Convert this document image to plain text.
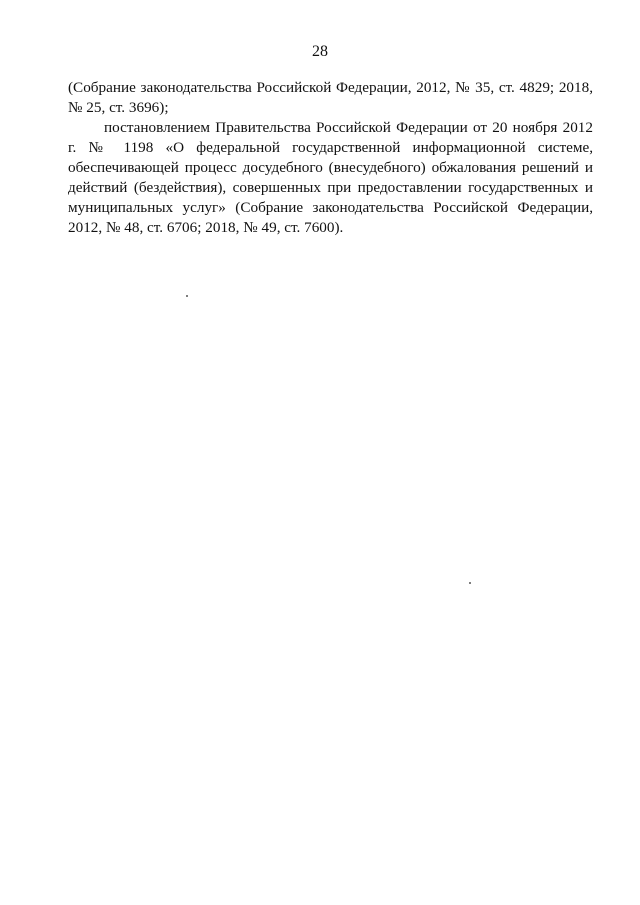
28

(Собрание законодательства Российской Федерации, 2012, № 35, ст. 4829; 2018, № 25, ст. 3696);

постановлением Правительства Российской Федерации от 20 ноября 2012 г. № 1198 «О федеральной государственной информационной системе, обеспечивающей процесс досудебного (внесудебного) обжалования решений и действий (бездействия), совершенных при предоставлении государственных и муниципальных услуг» (Собрание законодательства Российской Федерации, 2012, № 48, ст. 6706; 2018, № 49, ст. 7600).
